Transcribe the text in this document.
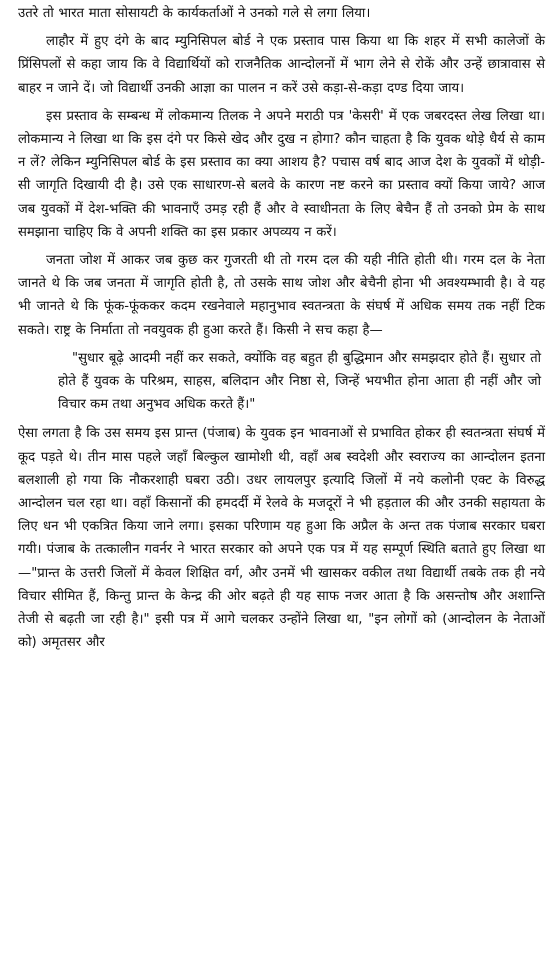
उतरे तो भारत माता सोसायटी के कार्यकर्ताओं ने उनको गले से लगा लिया।

लाहौर में हुए दंगे के बाद म्युनिसिपल बोर्ड ने एक प्रस्ताव पास किया था कि शहर में सभी कालेजों के प्रिंसिपलों से कहा जाय कि वे विद्यार्थियों को राजनैतिक आन्दोलनों में भाग लेने से रोकें और उन्हें छात्रावास से बाहर न जाने दें। जो विद्यार्थी उनकी आज्ञा का पालन न करें उसे कड़ा-से-कड़ा दण्ड दिया जाय।

इस प्रस्ताव के सम्बन्ध में लोकमान्य तिलक ने अपने मराठी पत्र 'केसरी' में एक जबरदस्त लेख लिखा था। लोकमान्य ने लिखा था कि इस दंगे पर किसे खेद और दुख न होगा? कौन चाहता है कि युवक थोड़े धैर्य से काम न लें? लेकिन म्युनिसिपल बोर्ड के इस प्रस्ताव का क्या आशय है? पचास वर्ष बाद आज देश के युवकों में थोड़ी-सी जागृति दिखायी दी है। उसे एक साधारण-से बलवे के कारण नष्ट करने का प्रस्ताव क्यों किया जाये? आज जब युवकों में देश-भक्ति की भावनाएँ उमड़ रही हैं और वे स्वाधीनता के लिए बेचैन हैं तो उनको प्रेम के साथ समझाना चाहिए कि वे अपनी शक्ति का इस प्रकार अपव्यय न करें।

जनता जोश में आकर जब कुछ कर गुजरती थी तो गरम दल की यही नीति होती थी। गरम दल के नेता जानते थे कि जब जनता में जागृति होती है, तो उसके साथ जोश और बेचैनी होना भी अवश्यम्भावी है। वे यह भी जानते थे कि फूंक-फूंककर कदम रखनेवाले महानुभाव स्वतन्त्रता के संघर्ष में अधिक समय तक नहीं टिक सकते। राष्ट्र के निर्माता तो नवयुवक ही हुआ करते हैं। किसी ने सच कहा है—

"सुधार बूढ़े आदमी नहीं कर सकते, क्योंकि वह बहुत ही बुद्धिमान और समझदार होते हैं। सुधार तो होते हैं युवक के परिश्रम, साहस, बलिदान और निष्ठा से, जिन्हें भयभीत होना आता ही नहीं और जो विचार कम तथा अनुभव अधिक करते हैं।"

ऐसा लगता है कि उस समय इस प्रान्त (पंजाब) के युवक इन भावनाओं से प्रभावित होकर ही स्वतन्त्रता संघर्ष में कूद पड़ते थे। तीन मास पहले जहाँ बिल्कुल खामोशी थी, वहाँ अब स्वदेशी और स्वराज्य का आन्दोलन इतना बलशाली हो गया कि नौकरशाही घबरा उठी। उधर लायलपुर इत्यादि जिलों में नये कलोनी एक्ट के विरुद्ध आन्दोलन चल रहा था। वहाँ किसानों की हमदर्दी में रेलवे के मजदूरों ने भी हड़ताल की और उनकी सहायता के लिए धन भी एकत्रित किया जाने लगा। इसका परिणाम यह हुआ कि अप्रैल के अन्त तक पंजाब सरकार घबरा गयी। पंजाब के तत्कालीन गवर्नर ने भारत सरकार को अपने एक पत्र में यह सम्पूर्ण स्थिति बताते हुए लिखा था—"प्रान्त के उत्तरी जिलों में केवल शिक्षित वर्ग, और उनमें भी खासकर वकील तथा विद्यार्थी तबके तक ही नये विचार सीमित हैं, किन्तु प्रान्त के केन्द्र की ओर बढ़ते ही यह साफ नजर आता है कि असन्तोष और अशान्ति तेजी से बढ़ती जा रही है।" इसी पत्र में आगे चलकर उन्होंने लिखा था, "इन लोगों को (आन्दोलन के नेताओं को) अमृतसर और
